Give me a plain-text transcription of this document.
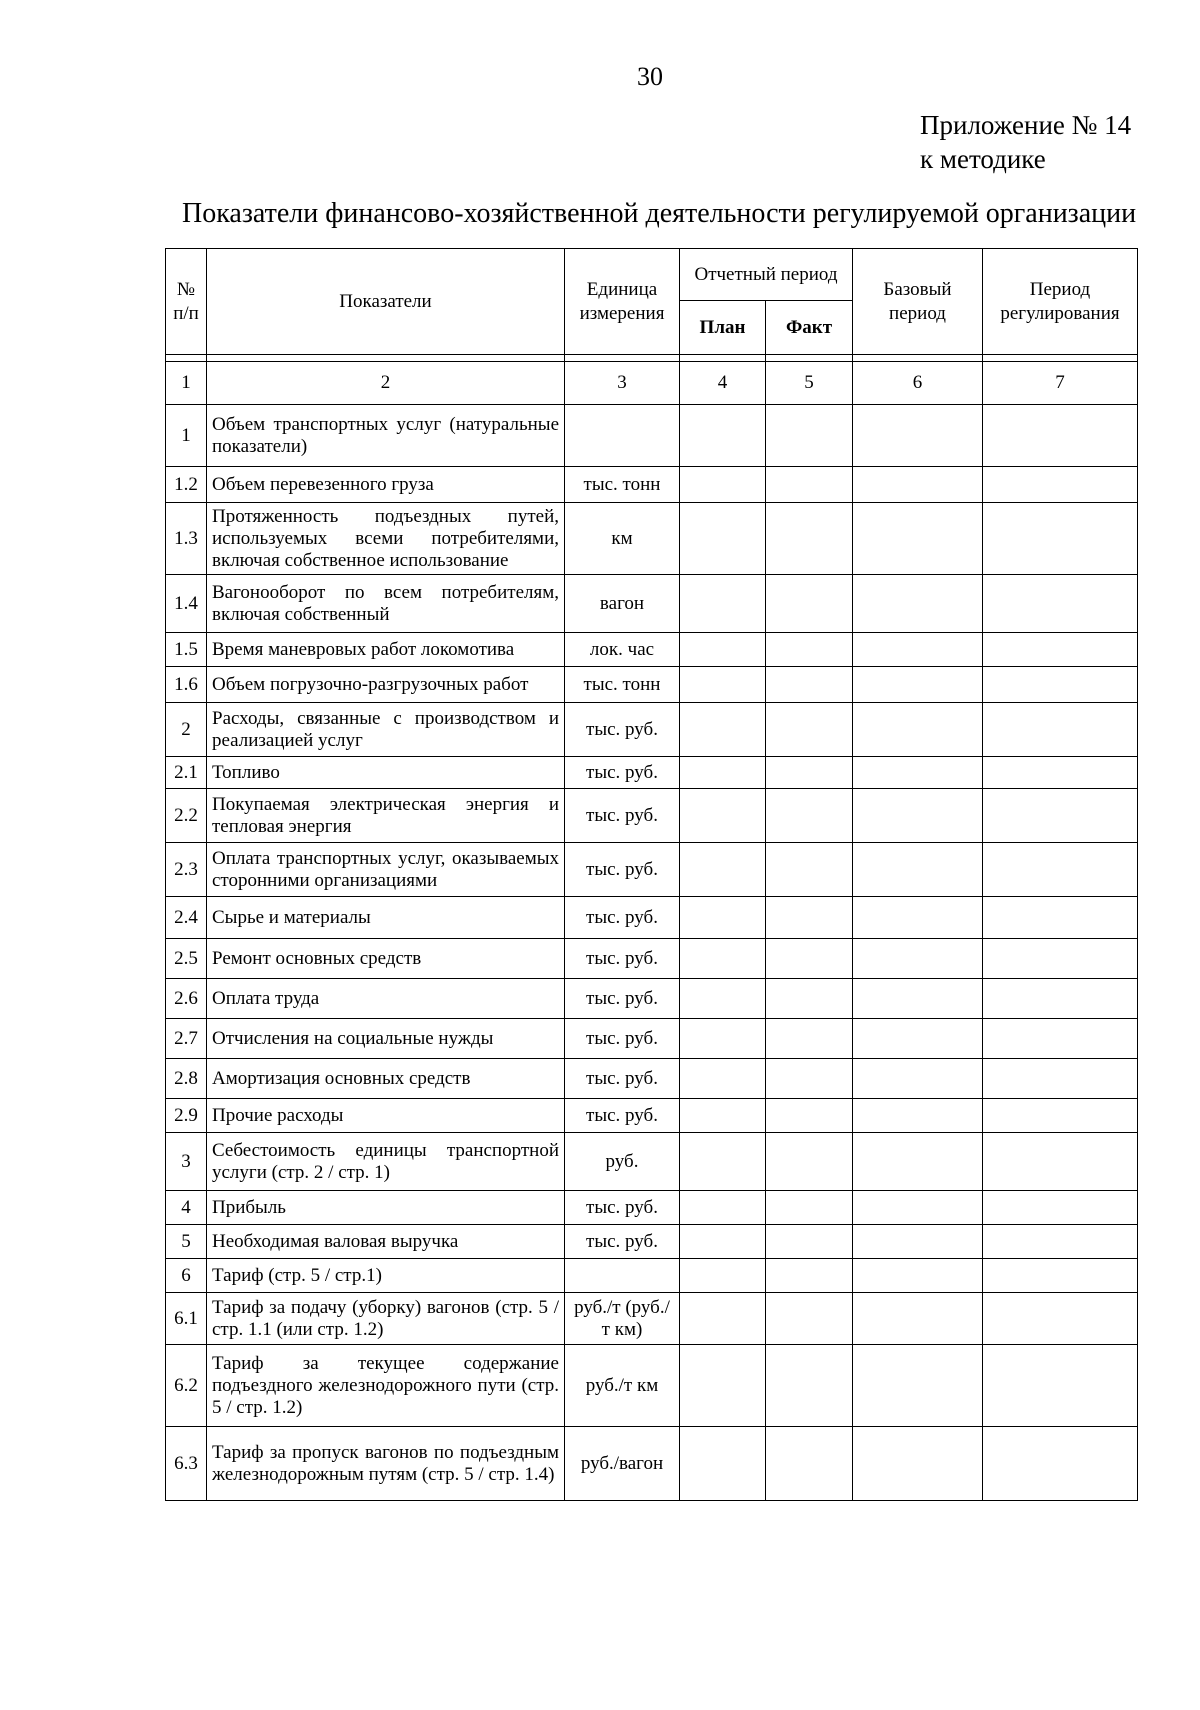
30
Приложение № 14
к методике
Показатели финансово-хозяйственной деятельности регулируемой организации
№ п/п	Показатели	Единица измерения	Отчетный период		Базовый период	Период регулирования
			План	Факт		

1	2	3	4	5	6	7
1	Объем транспортных услуг (натуральные показатели)					
1.2	Объем перевезенного груза	тыс. тонн				
1.3	Протяженность подъездных путей, используемых всеми потребителями, включая собственное использование	км				
1.4	Вагонооборот по всем потребителям, включая собственный	вагон				
1.5	Время маневровых работ локомотива	лок. час				
1.6	Объем погрузочно-разгрузочных работ	тыс. тонн				
2	Расходы, связанные с производством и реализацией услуг	тыс. руб.				
2.1	Топливо	тыс. руб.				
2.2	Покупаемая электрическая энергия и тепловая энергия	тыс. руб.				
2.3	Оплата транспортных услуг, оказываемых сторонними организациями	тыс. руб.				
2.4	Сырье и материалы	тыс. руб.				
2.5	Ремонт основных средств	тыс. руб.				
2.6	Оплата труда	тыс. руб.				
2.7	Отчисления на социальные нужды	тыс. руб.				
2.8	Амортизация основных средств	тыс. руб.				
2.9	Прочие расходы	тыс. руб.				
3	Себестоимость единицы транспортной услуги (стр. 2 / стр. 1)	руб.				
4	Прибыль	тыс. руб.				
5	Необходимая валовая выручка	тыс. руб.				
6	Тариф (стр. 5 / стр.1)					
6.1	Тариф за подачу (уборку) вагонов (стр. 5 / стр. 1.1 (или стр. 1.2)	руб./т (руб./т км)				
6.2	Тариф за текущее содержание подъездного железнодорожного пути (стр. 5 / стр. 1.2)	руб./т км				
6.3	Тариф за пропуск вагонов по подъездным железнодорожным путям (стр. 5 / стр. 1.4)	руб./вагон				
